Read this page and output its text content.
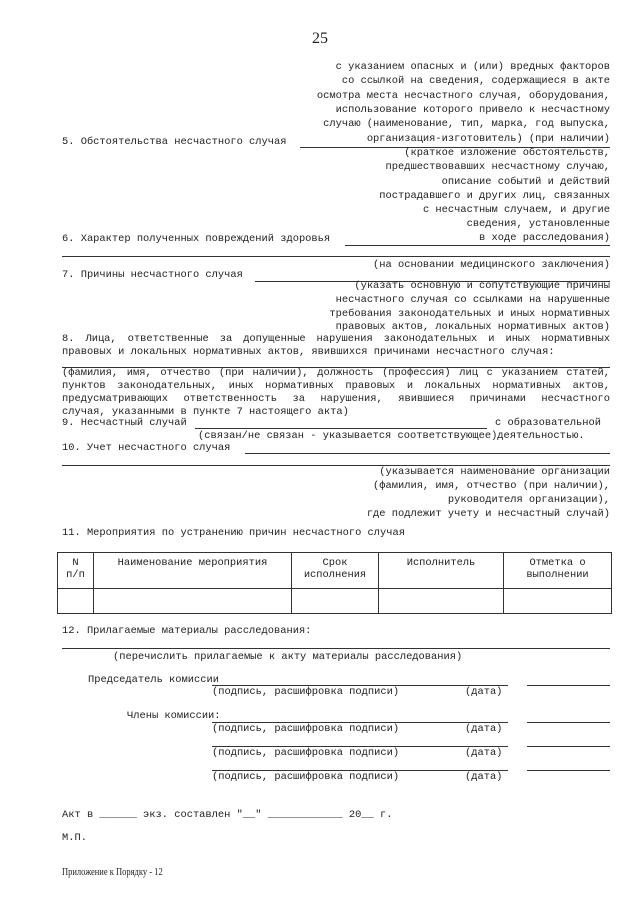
25
с указанием опасных и (или) вредных факторов
со ссылкой на сведения, содержащиеся в акте
осмотра места несчастного случая, оборудования,
использование которого привело к несчастному
случаю (наименование, тип, марка, год выпуска,
организация-изготовитель) (при наличии)
5. Обстоятельства несчастного случая
(краткое изложение обстоятельств,
предшествовавших несчастному случаю,
описание событий и действий
пострадавшего и других лиц, связанных
с несчастным случаем, и другие
сведения, установленные
в ходе расследования)
6. Характер полученных повреждений здоровья
(на основании медицинского заключения)
7. Причины несчастного случая
(указать основную и сопутствующие причины
несчастного случая со ссылками на нарушенные
требования законодательных и иных нормативных
правовых актов, локальных нормативных актов)
8. Лица, ответственные за допущенные нарушения законодательных и иных нормативных
правовых и локальных нормативных актов, явившихся причинами несчастного случая:
(фамилия, имя, отчество (при наличии), должность (профессия) лиц с указанием статей,
пунктов законодательных, иных нормативных правовых и локальных нормативных актов,
предусматривающих ответственность за нарушения, явившиеся причинами несчастного
случая, указанными в пункте 7 настоящего акта)
9. Несчастный случай	с образовательной
(связан/не связан - указывается соответствующее)деятельностью.
10. Учет несчастного случая
(указывается наименование организации
(фамилия, имя, отчество (при наличии),
руководителя организации),
где подлежит учету и несчастный случай)
11. Мероприятия по устранению причин несчастного случая
N
п/п	Наименование мероприятия	Срок исполнения	Исполнитель	Отметка о
выполнении

12. Прилагаемые материалы расследования:
(перечислить прилагаемые к акту материалы расследования)
Председатель комиссии
(подпись, расшифровка подписи)	(дата)
Члены комиссии:
(подпись, расшифровка подписи)	(дата)
(подпись, расшифровка подписи)	(дата)
(подпись, расшифровка подписи)	(дата)
Акт в ______ экз. составлен "__" ____________ 20__ г.
М.П.
Приложение к Порядку - 12
